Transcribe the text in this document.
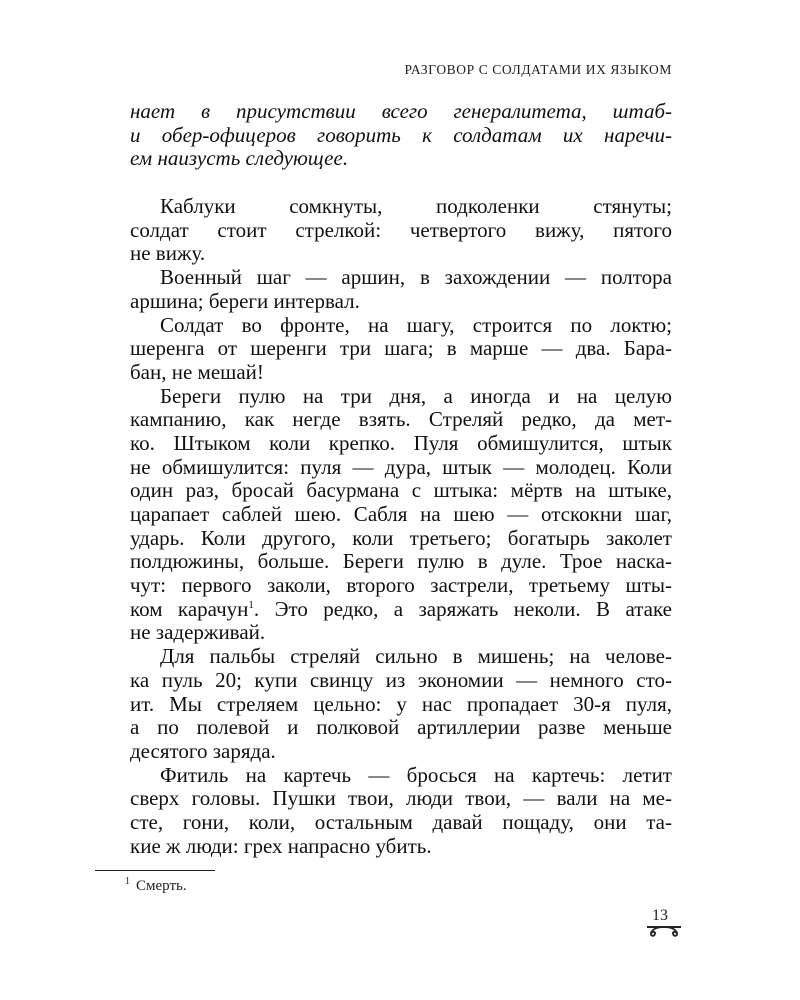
РАЗГОВОР С СОЛДАТАМИ ИХ ЯЗЫКОМ
нает в присутствии всего генералитета, штаб-
и обер-офицеров говорить к солдатам их наречи-
ем наизусть следующее.
Каблуки сомкнуты, подколенки стянуты;
солдат стоит стрелкой: четвертого вижу, пятого
не вижу.
Военный шаг — аршин, в захождении — полтора
аршина; береги интервал.
Солдат во фронте, на шагу, строится по локтю;
шеренга от шеренги три шага; в марше — два. Бара-
бан, не мешай!
Береги пулю на три дня, а иногда и на целую
кампанию, как негде взять. Стреляй редко, да мет-
ко. Штыком коли крепко. Пуля обмишулится, штык
не обмишулится: пуля — дура, штык — молодец. Коли
один раз, бросай басурмана с штыка: мёртв на штыке,
царапает саблей шею. Сабля на шею — отскокни шаг,
ударь. Коли другого, коли третьего; богатырь заколет
полдюжины, больше. Береги пулю в дуле. Трое наска-
чут: первого заколи, второго застрели, третьему шты-
ком карачун$^1$. Это редко, а заряжать неколи. В атаке
не задерживай.
Для пальбы стреляй сильно в мишень; на челове-
ка пуль 20; купи свинцу из экономии — немного сто-
ит. Мы стреляем цельно: у нас пропадает 30-я пуля,
а по полевой и полковой артиллерии разве меньше
десятого заряда.
Фитиль на картечь — бросься на картечь: летит
сверх головы. Пушки твои, люди твои, — вали на ме-
сте, гони, коли, остальным давай пощаду, они та-
кие ж люди: грех напрасно убить.
$^1$ Смерть.
13
